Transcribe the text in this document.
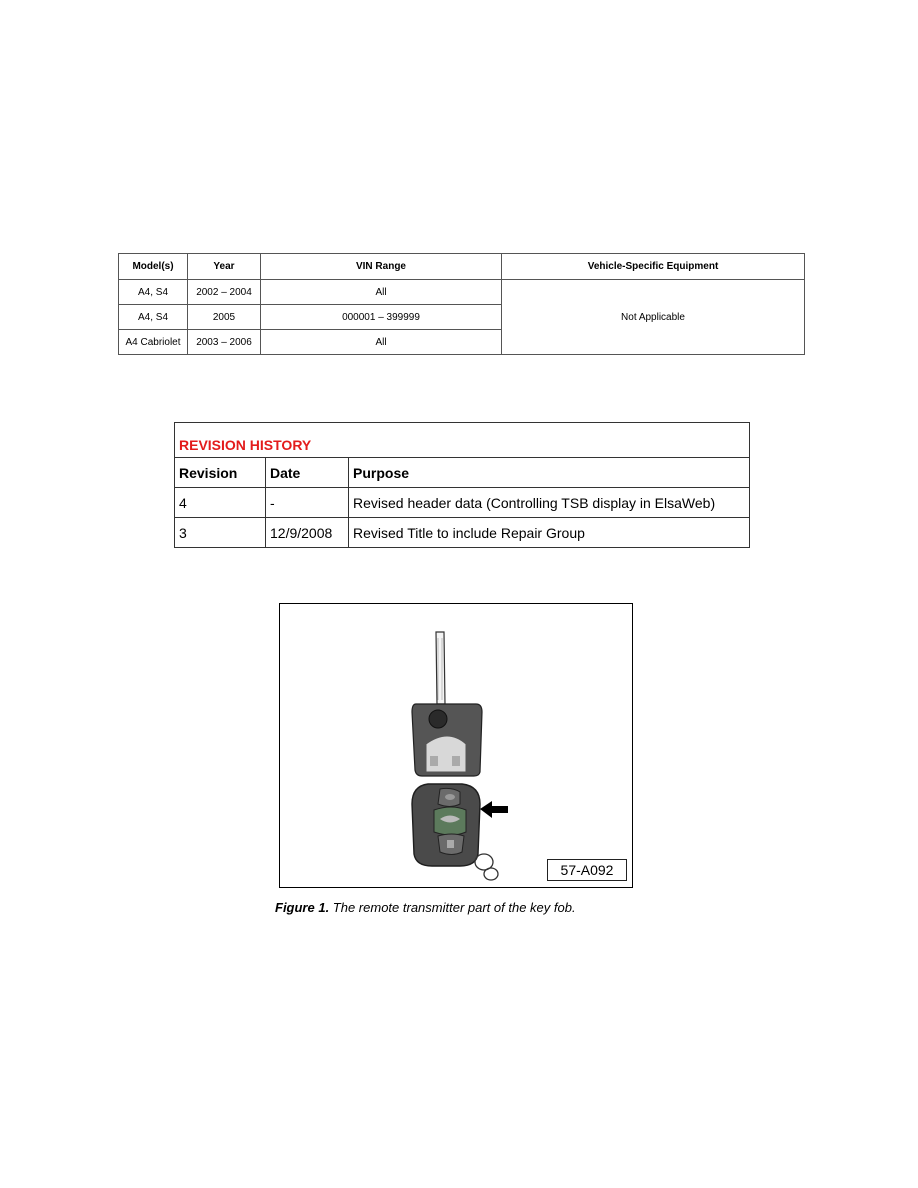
Model(s)	Year	VIN Range	Vehicle-Specific Equipment
A4, S4	2002 – 2004	All	Not Applicable
A4, S4	2005	000001 – 399999	
A4 Cabriolet	2003 – 2006	All	
REVISION HISTORY		
Revision	Date	Purpose
4	-	Revised header data (Controlling TSB display in ElsaWeb)
3	12/9/2008	Revised Title to include Repair Group
57-A092
Figure 1. The remote transmitter part of the key fob.
